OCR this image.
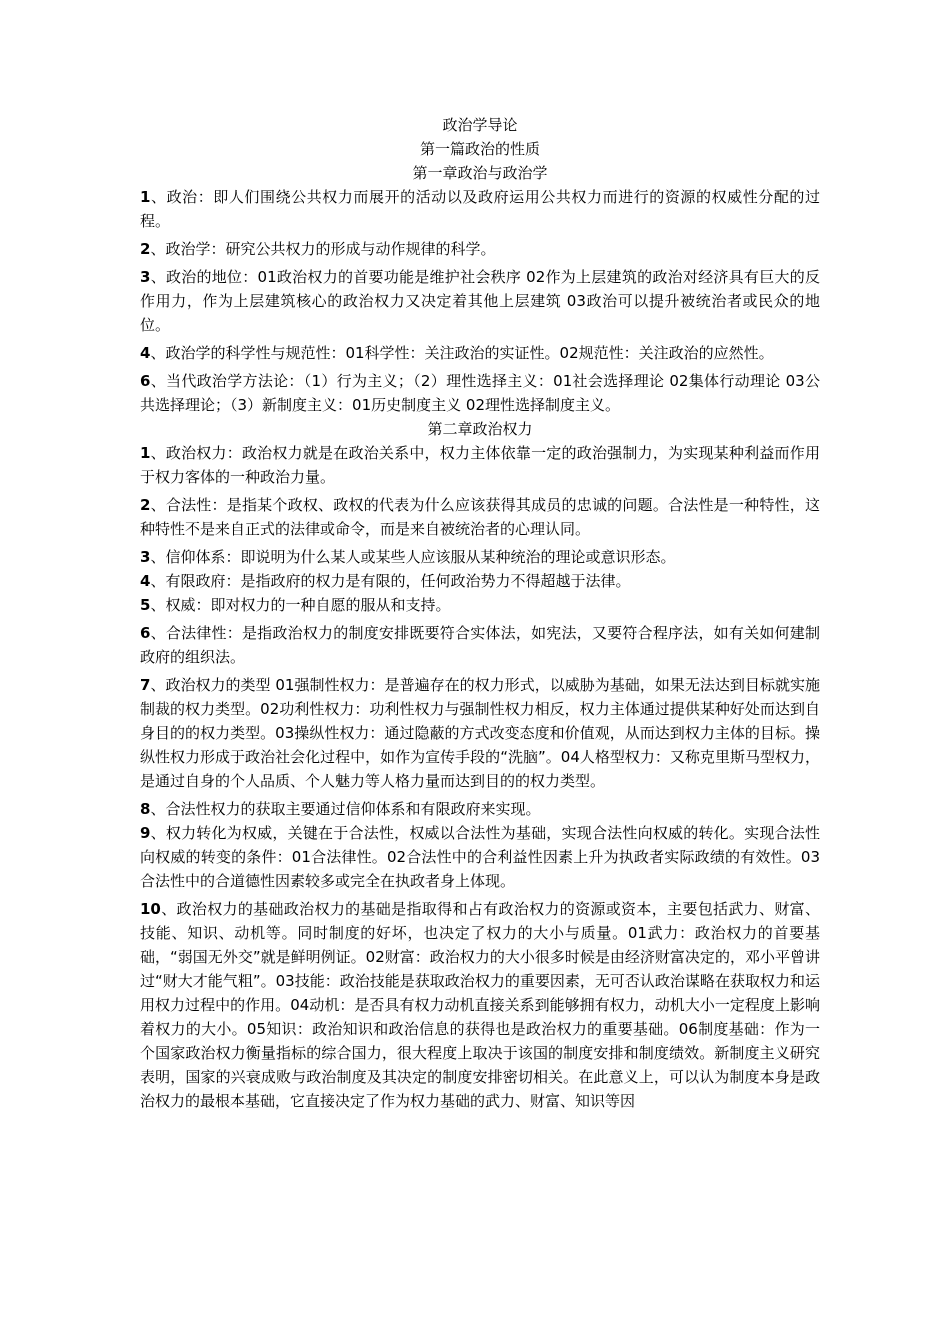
政治学导论

第一篇政治的性质

第一章政治与政治学

1、政治：即人们围绕公共权力而展开的活动以及政府运用公共权力而进行的资源的权威性分配的过程。

2、政治学：研究公共权力的形成与动作规律的科学。

3、政治的地位：01政治权力的首要功能是维护社会秩序 02作为上层建筑的政治对经济具有巨大的反作用力，作为上层建筑核心的政治权力又决定着其他上层建筑 03政治可以提升被统治者或民众的地位。

4、政治学的科学性与规范性：01科学性：关注政治的实证性。02规范性：关注政治的应然性。

6、当代政治学方法论：（1）行为主义；（2）理性选择主义：01社会选择理论 02集体行动理论 03公共选择理论；（3）新制度主义：01历史制度主义 02理性选择制度主义。

第二章政治权力

1、政治权力：政治权力就是在政治关系中，权力主体依靠一定的政治强制力，为实现某种利益而作用于权力客体的一种政治力量。

2、合法性：是指某个政权、政权的代表为什么应该获得其成员的忠诚的问题。合法性是一种特性，这种特性不是来自正式的法律或命令，而是来自被统治者的心理认同。

3、信仰体系：即说明为什么某人或某些人应该服从某种统治的理论或意识形态。

4、有限政府：是指政府的权力是有限的，任何政治势力不得超越于法律。

5、权威：即对权力的一种自愿的服从和支持。

6、合法律性：是指政治权力的制度安排既要符合实体法，如宪法，又要符合程序法，如有关如何建制政府的组织法。

7、政治权力的类型 01强制性权力：是普遍存在的权力形式，以威胁为基础，如果无法达到目标就实施制裁的权力类型。02功利性权力：功利性权力与强制性权力相反，权力主体通过提供某种好处而达到自身目的的权力类型。03操纵性权力：通过隐蔽的方式改变态度和价值观，从而达到权力主体的目标。操纵性权力形成于政治社会化过程中，如作为宣传手段的“洗脑”。04人格型权力：又称克里斯马型权力，是通过自身的个人品质、个人魅力等人格力量而达到目的的权力类型。

8、合法性权力的获取主要通过信仰体系和有限政府来实现。

9、权力转化为权威，关键在于合法性，权威以合法性为基础，实现合法性向权威的转化。实现合法性向权威的转变的条件：01合法律性。02合法性中的合利益性因素上升为执政者实际政绩的有效性。03合法性中的合道德性因素较多或完全在执政者身上体现。

10、政治权力的基础政治权力的基础是指取得和占有政治权力的资源或资本，主要包括武力、财富、技能、知识、动机等。同时制度的好坏，也决定了权力的大小与质量。01武力：政治权力的首要基础，“弱国无外交”就是鲜明例证。02财富：政治权力的大小很多时候是由经济财富决定的，邓小平曾讲过“财大才能气粗”。03技能：政治技能是获取政治权力的重要因素，无可否认政治谋略在获取权力和运用权力过程中的作用。04动机：是否具有权力动机直接关系到能够拥有权力，动机大小一定程度上影响着权力的大小。05知识：政治知识和政治信息的获得也是政治权力的重要基础。06制度基础：作为一个国家政治权力衡量指标的综合国力，很大程度上取决于该国的制度安排和制度绩效。新制度主义研究表明，国家的兴衰成败与政治制度及其决定的制度安排密切相关。在此意义上，可以认为制度本身是政治权力的最根本基础，它直接决定了作为权力基础的武力、财富、知识等因
